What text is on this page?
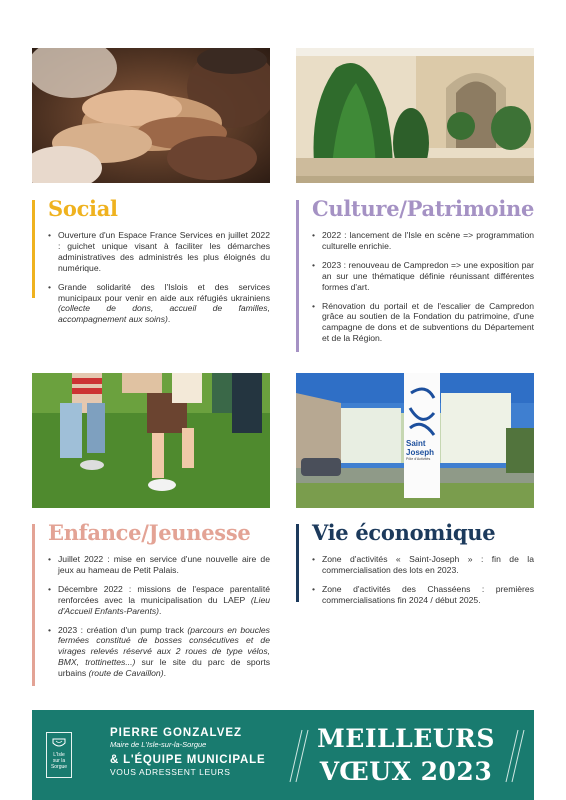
Saint
Joseph
Pôle d'Activités
Social
• Ouverture d'un Espace France Services en juillet 2022 : guichet unique visant à faciliter les démarches administratives des administrés les plus éloignés du numérique.
• Grande solidarité des l'Islois et des services municipaux pour venir en aide aux réfugiés ukrainiens (collecte de dons, accueil de familles, accompagnement aux soins).
Culture/Patrimoine
• 2022 : lancement de l'Isle en scène => programmation culturelle enrichie.
• 2023 : renouveau de Campredon => une exposition par an sur une thématique définie réunissant différentes formes d'art.
• Rénovation du portail et de l'escalier de Campredon grâce au soutien de la Fondation du patrimoine, d'une campagne de dons et de subventions du Département et de la Région.
Enfance/Jeunesse
• Juillet 2022 : mise en service d'une nouvelle aire de jeux au hameau de Petit Palais.
• Décembre 2022 : missions de l'espace parentalité renforcées avec la municipalisation du LAEP (Lieu d'Accueil Enfants-Parents).
• 2023 : création d'un pump track (parcours en boucles fermées constitué de bosses consécutives et de virages relevés réservé aux 2 roues de type vélos, BMX, trottinettes...) sur le site du parc de sports urbains (route de Cavaillon).
Vie économique
• Zone d'activités « Saint-Joseph » : fin de la commercialisation des lots en 2023.
• Zone d'activités des Chasséens : premières commercialisations fin 2024 / début 2025.
L'Isle
sur la
Sorgue
PIERRE GONZALVEZ
Maire de L'Isle-sur-la-Sorgue
& L'ÉQUIPE MUNICIPALE
VOUS ADRESSENT LEURS
MEILLEURS
VŒUX 2023
